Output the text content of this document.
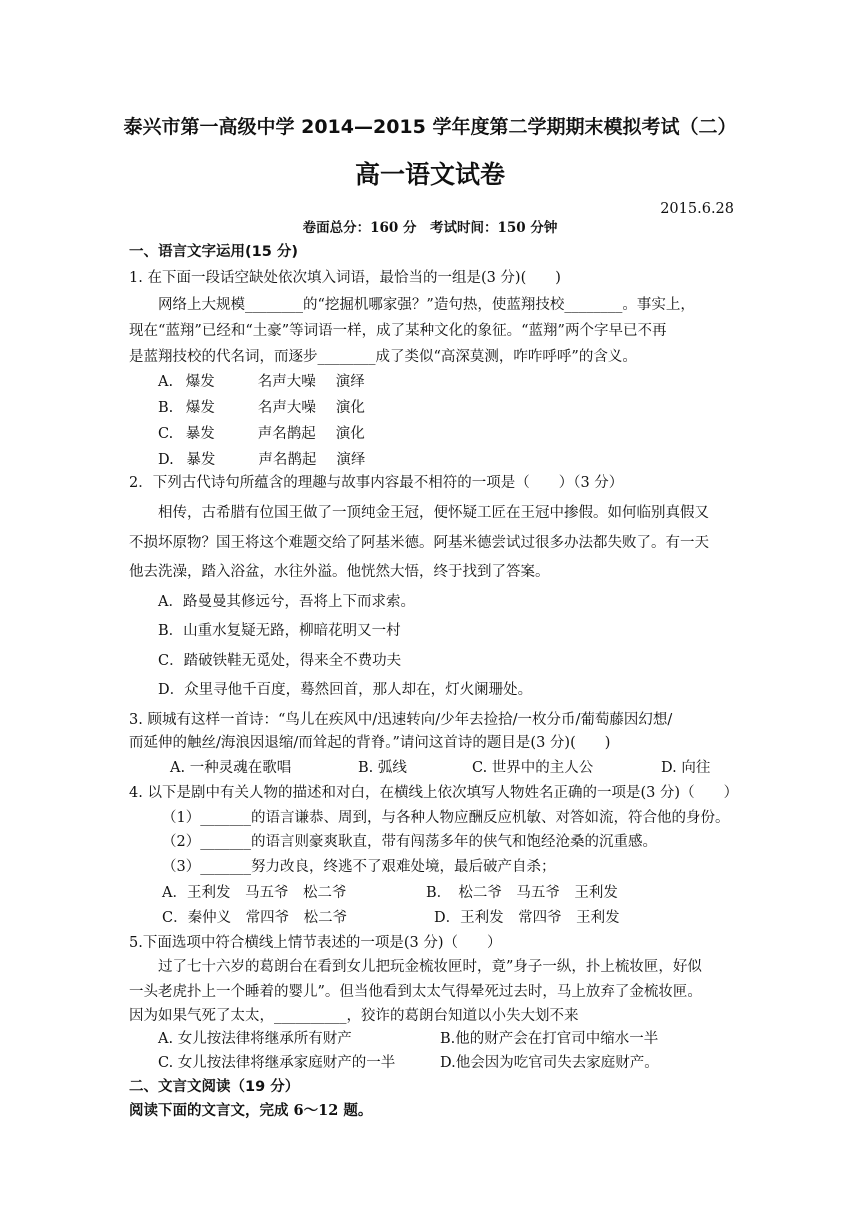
泰兴市第一高级中学 2014—2015 学年度第二学期期末模拟考试（二）
高一语文试卷
2015.6.28
卷面总分：160 分　考试时间：150 分钟
一、语言文字运用(15 分)
1. 在下面一段话空缺处依次填入词语，最恰当的一组是(3 分)(　　)
网络上大规模________的“挖掘机哪家强？”造句热，使蓝翔技校________。事实上，
现在“蓝翔”已经和“土豪”等词语一样，成了某种文化的象征。“蓝翔”两个字早已不再
是蓝翔技校的代名词，而逐步________成了类似“高深莫测，咋咋呼呼”的含义。
A. 爆发	名声大噪 演绎
B. 爆发	名声大噪 演化
C. 暴发	声名鹊起 演化
D. 暴发	声名鹊起 演绎
2．下列古代诗句所蕴含的理趣与故事内容最不相符的一项是（　　）（3 分）
相传，古希腊有位国王做了一顶纯金王冠，便怀疑工匠在王冠中掺假。如何临别真假又
不损坏原物？国王将这个难题交给了阿基米德。阿基米德尝试过很多办法都失败了。有一天
他去洗澡，踏入浴盆，水往外溢。他恍然大悟，终于找到了答案。
A．路曼曼其修远兮，吾将上下而求索。
B．山重水复疑无路，柳暗花明又一村
C．踏破铁鞋无觅处，得来全不费功夫
D．众里寻他千百度，蓦然回首，那人却在，灯火阑珊处。
3. 顾城有这样一首诗：“鸟儿在疾风中/迅速转向/少年去捡拾/一枚分币/葡萄藤因幻想/
而延伸的触丝/海浪因退缩/而耸起的背脊。”请问这首诗的题目是(3 分)(　　)
A. 一种灵魂在歌唱	B. 弧线	C. 世界中的主人公	D. 向往
4. 以下是剧中有关人物的描述和对白，在横线上依次填写人物姓名正确的一项是(3 分)（　　）
（1）_______的语言谦恭、周到，与各种人物应酬反应机敏、对答如流，符合他的身份。
（2）_______的语言则豪爽耿直，带有闯荡多年的侠气和饱经沧桑的沉重感。
（3）_______努力改良，终逃不了艰难处境，最后破产自杀；
A．王利发　马五爷　松二爷	B．　松二爷　马五爷　王利发
C．秦仲义　常四爷　松二爷	D．王利发　常四爷　王利发
5.下面选项中符合横线上情节表述的一项是(3 分)（　　）
过了七十六岁的葛朗台在看到女儿把玩金梳妆匣时，竟”身子一纵，扑上梳妆匣，好似
一头老虎扑上一个睡着的婴儿”。但当他看到太太气得晕死过去时，马上放弃了金梳妆匣。
因为如果气死了太太，__________，狡诈的葛朗台知道以小失大划不来
A. 女儿按法律将继承所有财产	B.他的财产会在打官司中缩水一半
C. 女儿按法律将继承家庭财产的一半	D.他会因为吃官司失去家庭财产。
二、文言文阅读（19 分）
阅读下面的文言文，完成 6～12 题。
